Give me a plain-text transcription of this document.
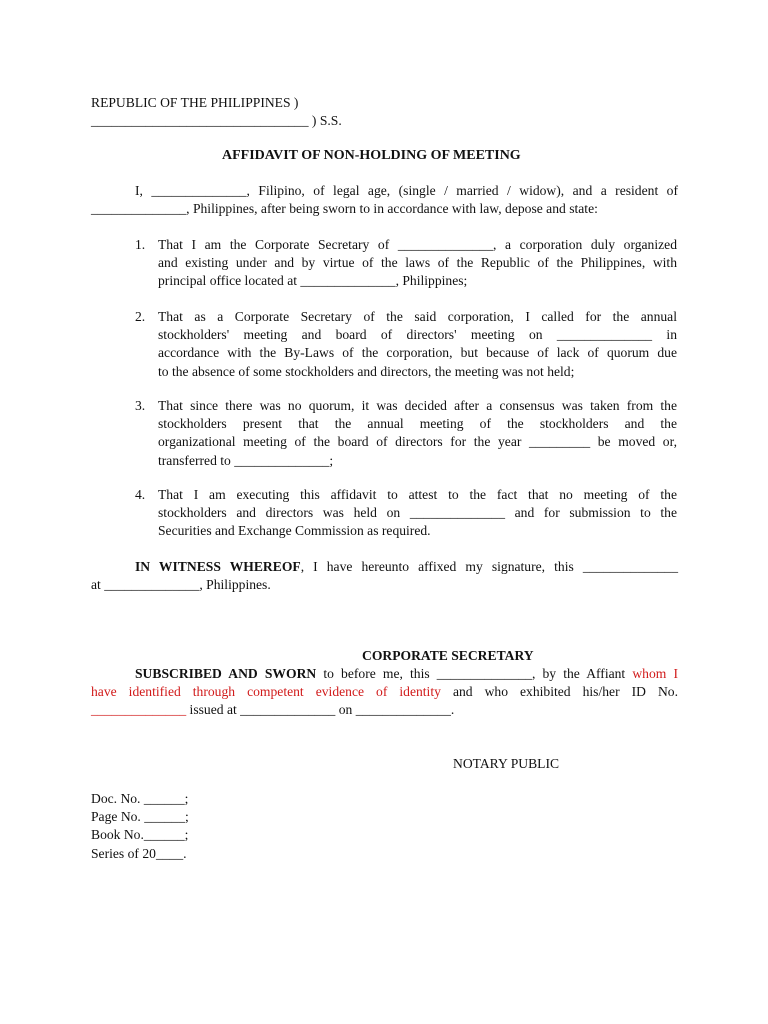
REPUBLIC OF THE PHILIPPINES )
________________________________ ) S.S.
AFFIDAVIT OF NON-HOLDING OF MEETING
I, ______________, Filipino, of legal age, (single / married / widow), and a resident of
______________, Philippines, after being sworn to in accordance with law, depose and state:
1. That I am the Corporate Secretary of ______________, a corporation duly organized
and existing under and by virtue of the laws of the Republic of the Philippines, with
principal office located at ______________, Philippines;
2. That as a Corporate Secretary of the said corporation, I called for the annual
stockholders' meeting and board of directors' meeting on ______________ in
accordance with the By-Laws of the corporation, but because of lack of quorum due
to the absence of some stockholders and directors, the meeting was not held;
3. That since there was no quorum, it was decided after a consensus was taken from the
stockholders present that the annual meeting of the stockholders and the
organizational meeting of the board of directors for the year _________ be moved or,
transferred to ______________;
4. That I am executing this affidavit to attest to the fact that no meeting of the
stockholders and directors was held on ______________ and for submission to the
Securities and Exchange Commission as required.
IN WITNESS WHEREOF, I have hereunto affixed my signature, this ______________
at ______________, Philippines.
CORPORATE SECRETARY
SUBSCRIBED AND SWORN to before me, this ______________, by the Affiant whom I
have identified through competent evidence of identity and who exhibited his/her ID No.
______________ issued at ______________ on ______________.
NOTARY PUBLIC
Doc. No. ______;
Page No. ______;
Book No.______;
Series of 20____.
